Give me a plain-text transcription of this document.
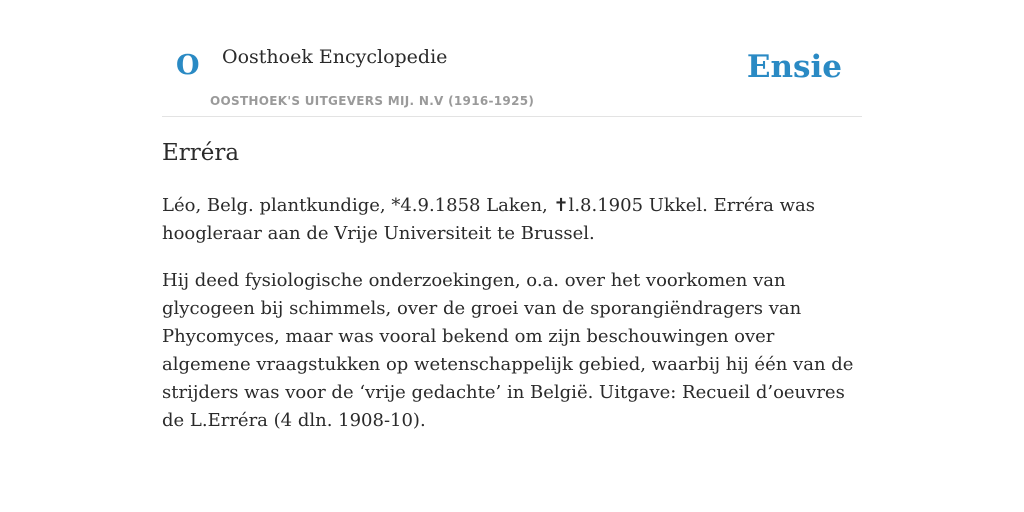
O Oosthoek Encyclopedie
OOSTHOEK'S UITGEVERS MIJ. N.V (1916-1925)
Ensie
Erréra

Léo, Belg. plantkundige, *4.9.1858 Laken, ✝l.8.1905 Ukkel. Erréra was hoogleraar aan de Vrije Universiteit te Brussel.

Hij deed fysiologische onderzoekingen, o.a. over het voorkomen van glycogeen bij schimmels, over de groei van de sporangiëndragers van Phycomyces, maar was vooral bekend om zijn beschouwingen over algemene vraagstukken op wetenschappelijk gebied, waarbij hij één van de strijders was voor de ‘vrije gedachte’ in België. Uitgave: Recueil d’oeuvres de L.Erréra (4 dln. 1908-10).
